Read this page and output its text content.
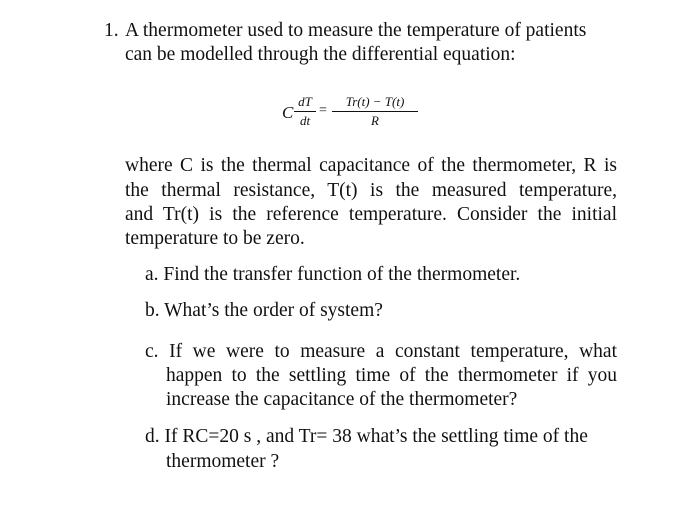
1. A thermometer used to measure the temperature of patients
can be modelled through the differential equation:
C
dT
dt
=
Tr(t) − T(t)
R
where C is the thermal capacitance of the thermometer, R is
the thermal resistance, T(t) is the measured temperature,
and Tr(t) is the reference temperature. Consider the initial
temperature to be zero.
a. Find the transfer function of the thermometer.
b. What’s the order of system?
c. If we were to measure a constant temperature, what
happen to the settling time of the thermometer if you
increase the capacitance of the thermometer?
d. If RC=20 s , and Tr= 38 what’s the settling time of the
thermometer ?
